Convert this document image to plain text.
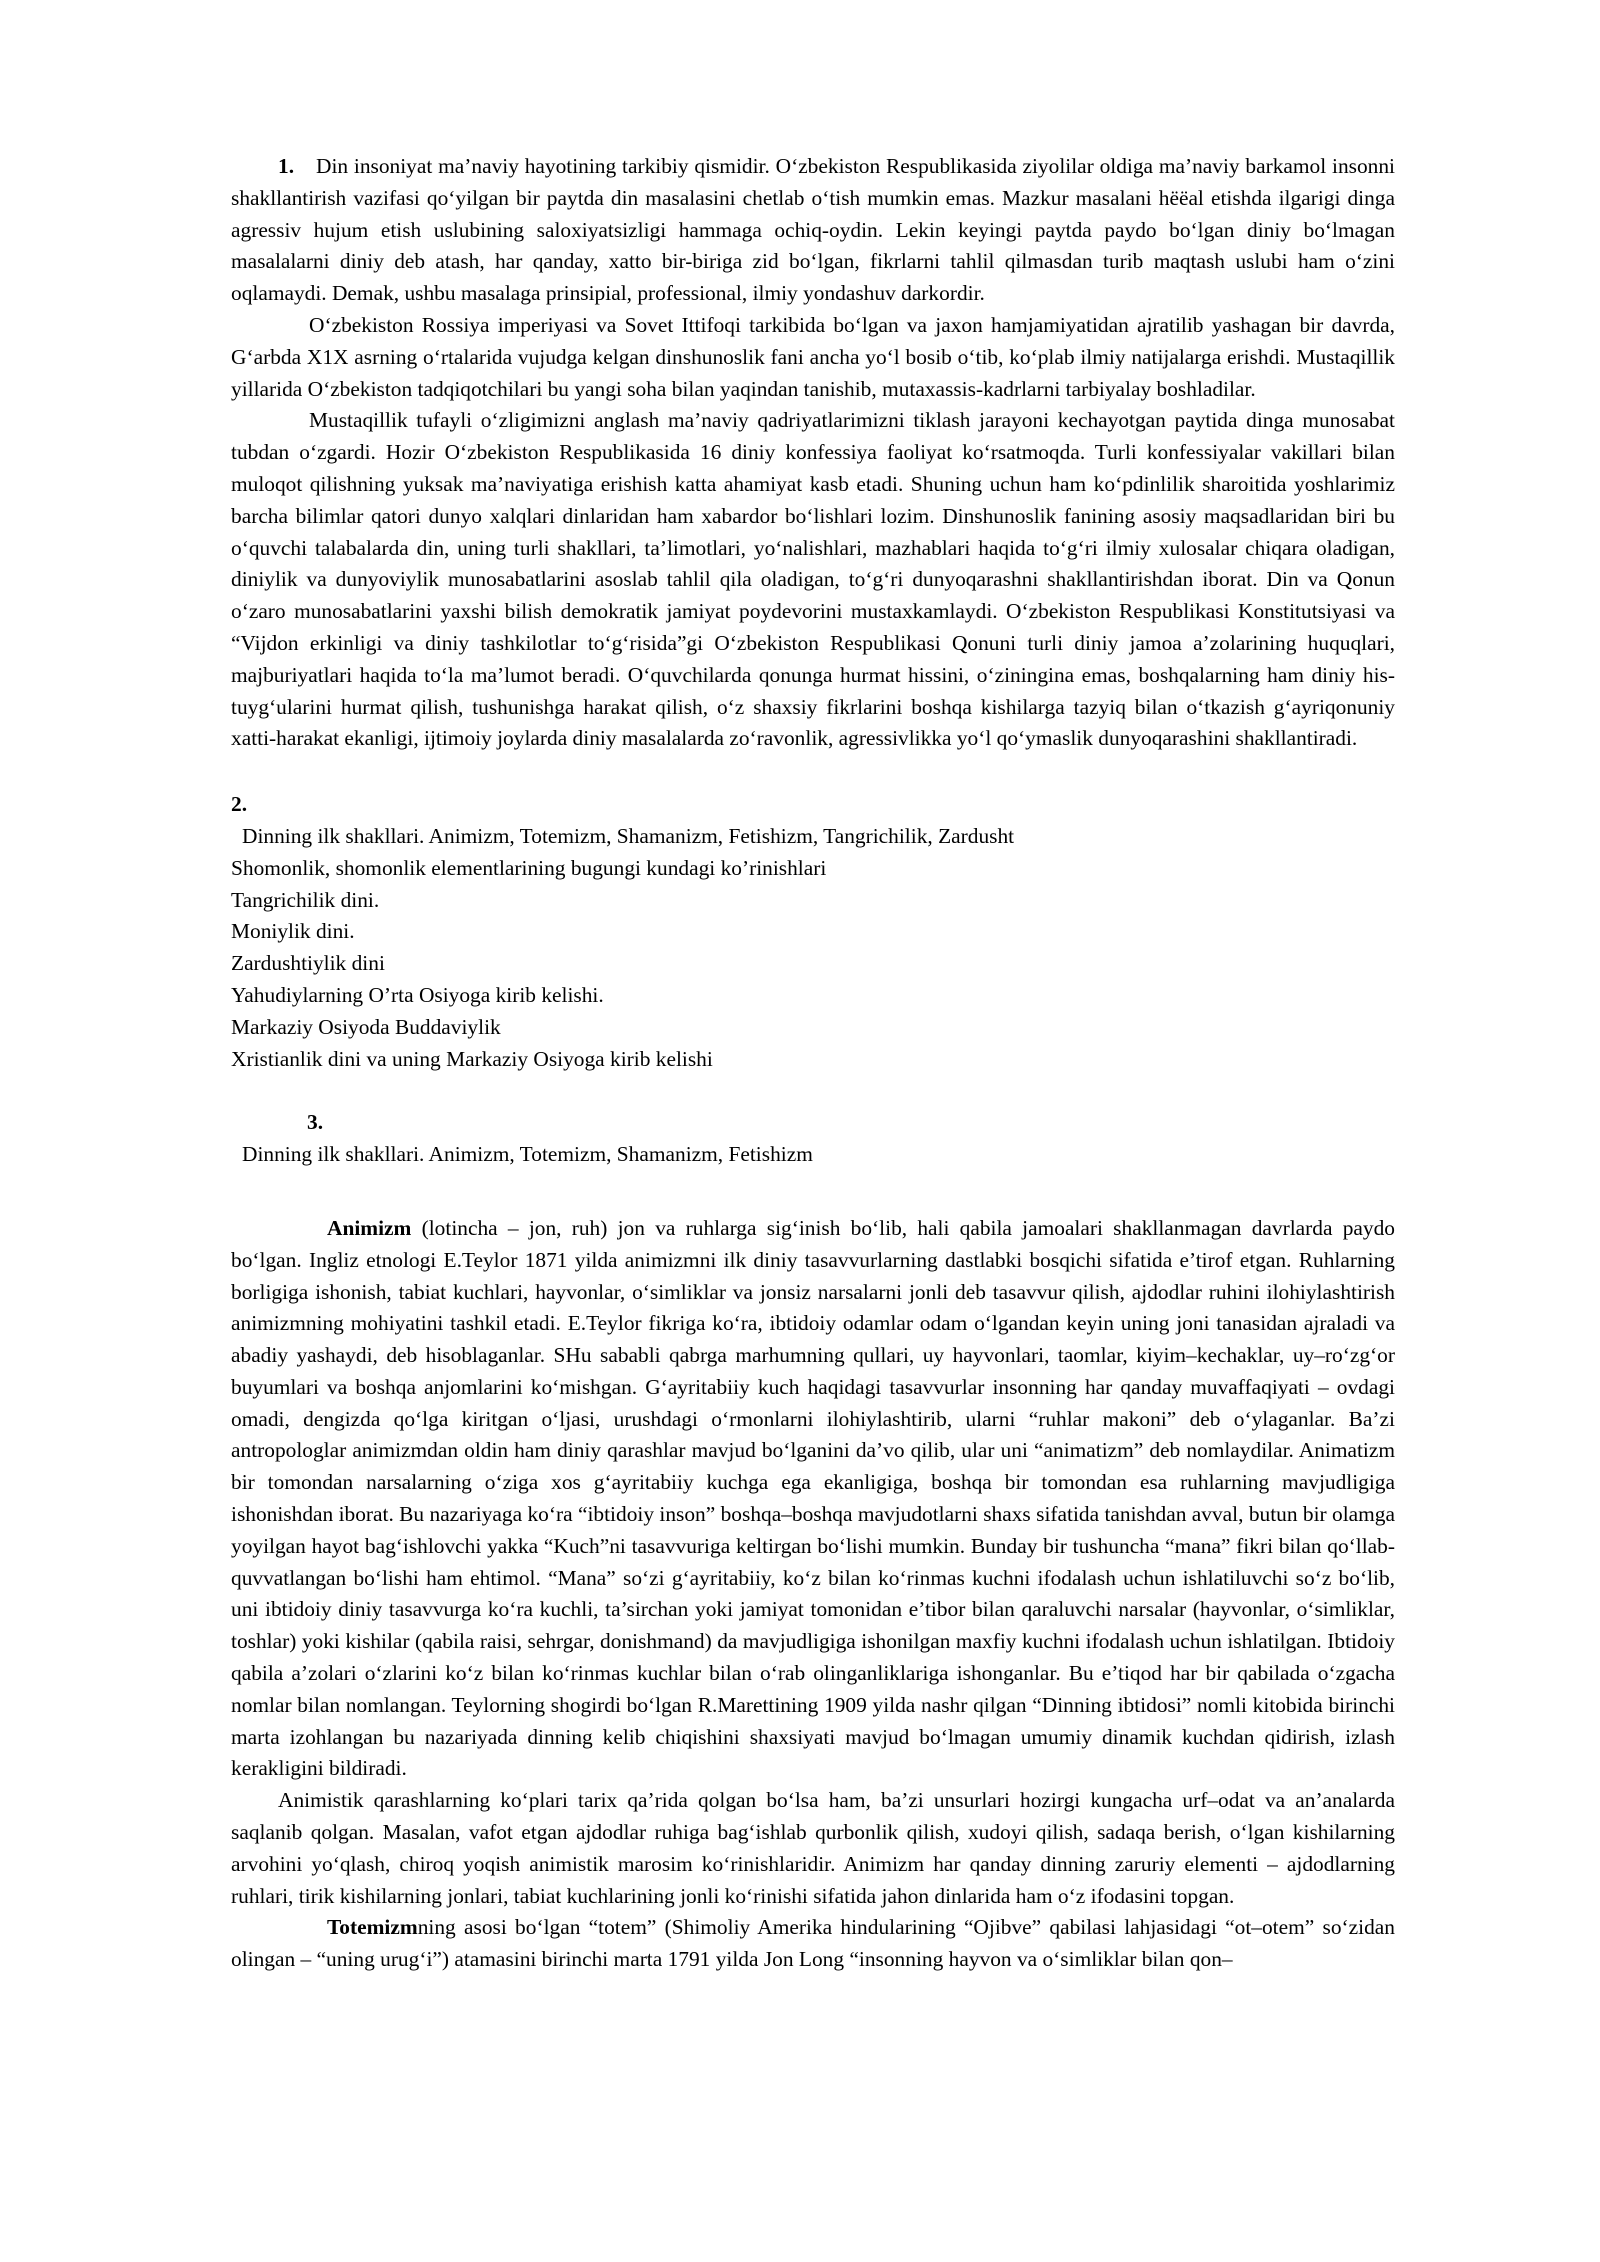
1. Din insoniyat ma’naviy hayotining tarkibiy qismidir. O‘zbekiston Respublikasida ziyolilar oldiga ma’naviy barkamol insonni shakllantirish vazifasi qo‘yilgan bir paytda din masalasini chetlab o‘tish mumkin emas. Mazkur masalani hёёal etishda ilgarigi dinga agressiv hujum etish uslubining saloxiyatsizligi hammaga ochiq-oydin. Lekin keyingi paytda paydo bo‘lgan diniy bo‘lmagan masalalarni diniy deb atash, har qanday, xatto bir-biriga zid bo‘lgan, fikrlarni tahlil qilmasdan turib maqtash uslubi ham o‘zini oqlamaydi. Demak, ushbu masalaga prinsipial, professional, ilmiy yondashuv darkordir.

O‘zbekiston Rossiya imperiyasi va Sovet Ittifoqi tarkibida bo‘lgan va jaxon hamjamiyatidan ajratilib yashagan bir davrda, G‘arbda X1X asrning o‘rtalarida vujudga kelgan dinshunoslik fani ancha yo‘l bosib o‘tib, ko‘plab ilmiy natijalarga erishdi. Mustaqillik yillarida O‘zbekiston tadqiqotchilari bu yangi soha bilan yaqindan tanishib, mutaxassis-kadrlarni tarbiyalay boshladilar.

Mustaqillik tufayli o‘zligimizni anglash ma’naviy qadriyatlarimizni tiklash jarayoni kechayotgan paytida dinga munosabat tubdan o‘zgardi. Hozir O‘zbekiston Respublikasida 16 diniy konfessiya faoliyat ko‘rsatmoqda. Turli konfessiyalar vakillari bilan muloqot qilishning yuksak ma’naviyatiga erishish katta ahamiyat kasb etadi. Shuning uchun ham ko‘pdinlilik sharoitida yoshlarimiz barcha bilimlar qatori dunyo xalqlari dinlaridan ham xabardor bo‘lishlari lozim. Dinshunoslik fanining asosiy maqsadlaridan biri bu o‘quvchi talabalarda din, uning turli shakllari, ta’limotlari, yo‘nalishlari, mazhablari haqida to‘g‘ri ilmiy xulosalar chiqara oladigan, diniylik va dunyoviylik munosabatlarini asoslab tahlil qila oladigan, to‘g‘ri dunyoqarashni shakllantirishdan iborat. Din va Qonun o‘zaro munosabatlarini yaxshi bilish demokratik jamiyat poydevorini mustaxkamlaydi. O‘zbekiston Respublikasi Konstitutsiyasi va “Vijdon erkinligi va diniy tashkilotlar to‘g‘risida”gi O‘zbekiston Respublikasi Qonuni turli diniy jamoa a’zolarining huquqlari, majburiyatlari haqida to‘la ma’lumot beradi. O‘quvchilarda qonunga hurmat hissini, o‘ziningina emas, boshqalarning ham diniy his-tuyg‘ularini hurmat qilish, tushunishga harakat qilish, o‘z shaxsiy fikrlarini boshqa kishilarga tazyiq bilan o‘tkazish g‘ayriqonuniy xatti-harakat ekanligi, ijtimoiy joylarda diniy masalalarda zo‘ravonlik, agressivlikka yo‘l qo‘ymaslik dunyoqarashini shakllantiradi.

2.

Dinning ilk shakllari. Animizm, Totemizm, Shamanizm, Fetishizm, Tangrichilik, Zardusht
Shomonlik, shomonlik elementlarining bugungi kundagi ko’rinishlari
Tangrichilik dini.
Moniylik dini.
Zardushtiylik dini
Yahudiylarning O’rta Osiyoga kirib kelishi.
Markaziy Osiyoda Buddaviylik
Xristianlik dini va uning Markaziy Osiyoga kirib kelishi

3.

Dinning ilk shakllari. Animizm, Totemizm, Shamanizm, Fetishizm

Animizm (lotincha – jon, ruh) jon va ruhlarga sig‘inish bo‘lib, hali qabila jamoalari shakllanmagan davrlarda paydo bo‘lgan. Ingliz etnologi E.Teylor 1871 yilda animizmni ilk diniy tasavvurlarning dastlabki bosqichi sifatida e’tirof etgan. Ruhlarning borligiga ishonish, tabiat kuchlari, hayvonlar, o‘simliklar va jonsiz narsalarni jonli deb tasavvur qilish, ajdodlar ruhini ilohiylashtirish animizmning mohiyatini tashkil etadi. E.Teylor fikriga ko‘ra, ibtidoiy odamlar odam o‘lgandan keyin uning joni tanasidan ajraladi va abadiy yashaydi, deb hisoblaganlar. SHu sababli qabrga marhumning qullari, uy hayvonlari, taomlar, kiyim–kechaklar, uy–ro‘zg‘or buyumlari va boshqa anjomlarini ko‘mishgan. G‘ayritabiiy kuch haqidagi tasavvurlar insonning har qanday muvaffaqiyati – ovdagi omadi, dengizda qo‘lga kiritgan o‘ljasi, urushdagi o‘rmonlarni ilohiylashtirib, ularni “ruhlar makoni” deb o‘ylaganlar. Ba’zi antropologlar animizmdan oldin ham diniy qarashlar mavjud bo‘lganini da’vo qilib, ular uni “animatizm” deb nomlaydilar. Animatizm bir tomondan narsalarning o‘ziga xos g‘ayritabiiy kuchga ega ekanligiga, boshqa bir tomondan esa ruhlarning mavjudligiga ishonishdan iborat. Bu nazariyaga ko‘ra “ibtidoiy inson” boshqa–boshqa mavjudotlarni shaxs sifatida tanishdan avval, butun bir olamga yoyilgan hayot bag‘ishlovchi yakka “Kuch”ni tasavvuriga keltirgan bo‘lishi mumkin. Bunday bir tushuncha “mana” fikri bilan qo‘llab-quvvatlangan bo‘lishi ham ehtimol. “Mana” so‘zi g‘ayritabiiy, ko‘z bilan ko‘rinmas kuchni ifodalash uchun ishlatiluvchi so‘z bo‘lib, uni ibtidoiy diniy tasavvurga ko‘ra kuchli, ta’sirchan yoki jamiyat tomonidan e’tibor bilan qaraluvchi narsalar (hayvonlar, o‘simliklar, toshlar) yoki kishilar (qabila raisi, sehrgar, donishmand) da mavjudligiga ishonilgan maxfiy kuchni ifodalash uchun ishlatilgan. Ibtidoiy qabila a’zolari o‘zlarini ko‘z bilan ko‘rinmas kuchlar bilan o‘rab olinganliklariga ishonganlar. Bu e’tiqod har bir qabilada o‘zgacha nomlar bilan nomlangan. Teylorning shogirdi bo‘lgan R.Marettining 1909 yilda nashr qilgan “Dinning ibtidosi” nomli kitobida birinchi marta izohlangan bu nazariyada dinning kelib chiqishini shaxsiyati mavjud bo‘lmagan umumiy dinamik kuchdan qidirish, izlash kerakligini bildiradi.

Animistik qarashlarning ko‘plari tarix qa’rida qolgan bo‘lsa ham, ba’zi unsurlari hozirgi kungacha urf–odat va an’analarda saqlanib qolgan. Masalan, vafot etgan ajdodlar ruhiga bag‘ishlab qurbonlik qilish, xudoyi qilish, sadaqa berish, o‘lgan kishilarning arvohini yo‘qlash, chiroq yoqish animistik marosim ko‘rinishlaridir. Animizm har qanday dinning zaruriy elementi – ajdodlarning ruhlari, tirik kishilarning jonlari, tabiat kuchlarining jonli ko‘rinishi sifatida jahon dinlarida ham o‘z ifodasini topgan.

Totemizmning asosi bo‘lgan “totem” (Shimoliy Amerika hindularining “Ojibve” qabilasi lahjasidagi “ot–otem” so‘zidan olingan – “uning urug‘i”) atamasini birinchi marta 1791 yilda Jon Long “insonning hayvon va o‘simliklar bilan qon–
